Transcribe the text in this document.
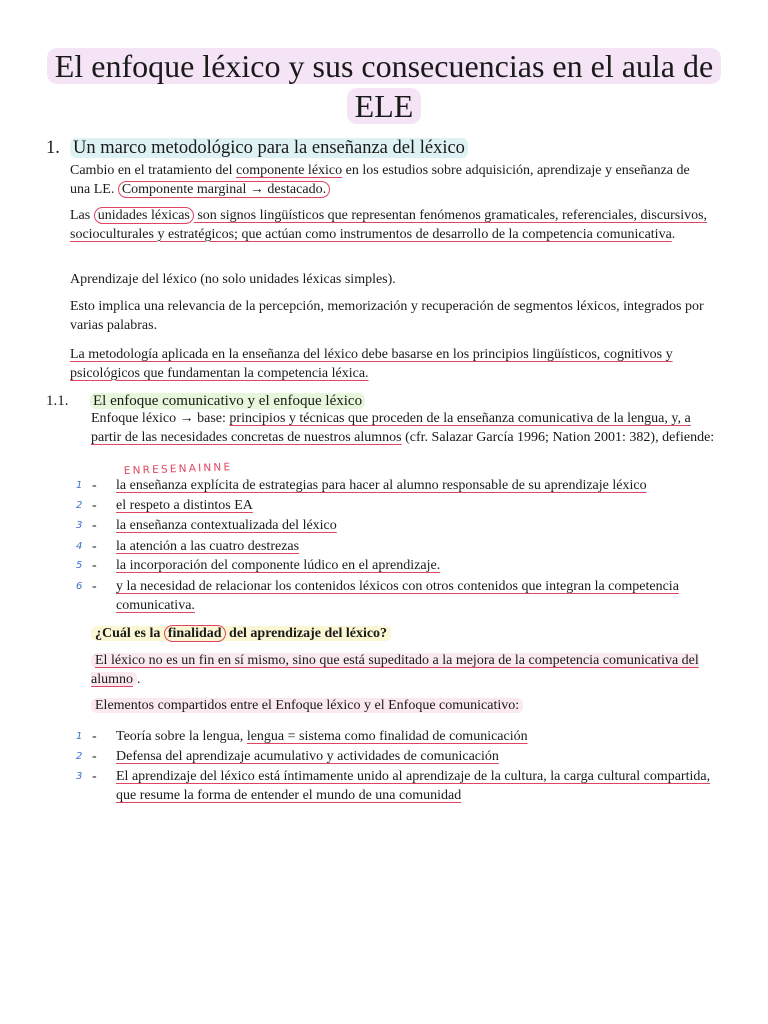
El enfoque léxico y sus consecuencias en el aula de ELE
1. Un marco metodológico para la enseñanza del léxico

Cambio en el tratamiento del componente léxico en los estudios sobre adquisición, aprendizaje y enseñanza de una LE. Componente marginal → destacado.

Las unidades léxicas son signos lingüísticos que representan fenómenos gramaticales, referenciales, discursivos, socioculturales y estratégicos; que actúan como instrumentos de desarrollo de la competencia comunicativa.

Aprendizaje del léxico (no solo unidades léxicas simples).

Esto implica una relevancia de la percepción, memorización y recuperación de segmentos léxicos, integrados por varias palabras.

La metodología aplicada en la enseñanza del léxico debe basarse en los principios lingüísticos, cognitivos y psicológicos que fundamentan la competencia léxica.

1.1. El enfoque comunicativo y el enfoque léxico

Enfoque léxico → base: principios y técnicas que proceden de la enseñanza comunicativa de la lengua, y, a partir de las necesidades concretas de nuestros alumnos (cfr. Salazar García 1996; Nation 2001: 382), defiende:

ENRESENAINNE
1 - la enseñanza explícita de estrategias para hacer al alumno responsable de su aprendizaje léxico
2 - el respeto a distintos EA
3 - la enseñanza contextualizada del léxico
4 - la atención a las cuatro destrezas
5 - la incorporación del componente lúdico en el aprendizaje.
6 - y la necesidad de relacionar los contenidos léxicos con otros contenidos que integran la competencia comunicativa.

¿Cuál es la finalidad del aprendizaje del léxico?

El léxico no es un fin en sí mismo, sino que está supeditado a la mejora de la competencia comunicativa del alumno .

Elementos compartidos entre el Enfoque léxico y el Enfoque comunicativo:

1 - Teoría sobre la lengua, lengua = sistema como finalidad de comunicación
2 - Defensa del aprendizaje acumulativo y actividades de comunicación
3 - El aprendizaje del léxico está íntimamente unido al aprendizaje de la cultura, la carga cultural compartida, que resume la forma de entender el mundo de una comunidad
